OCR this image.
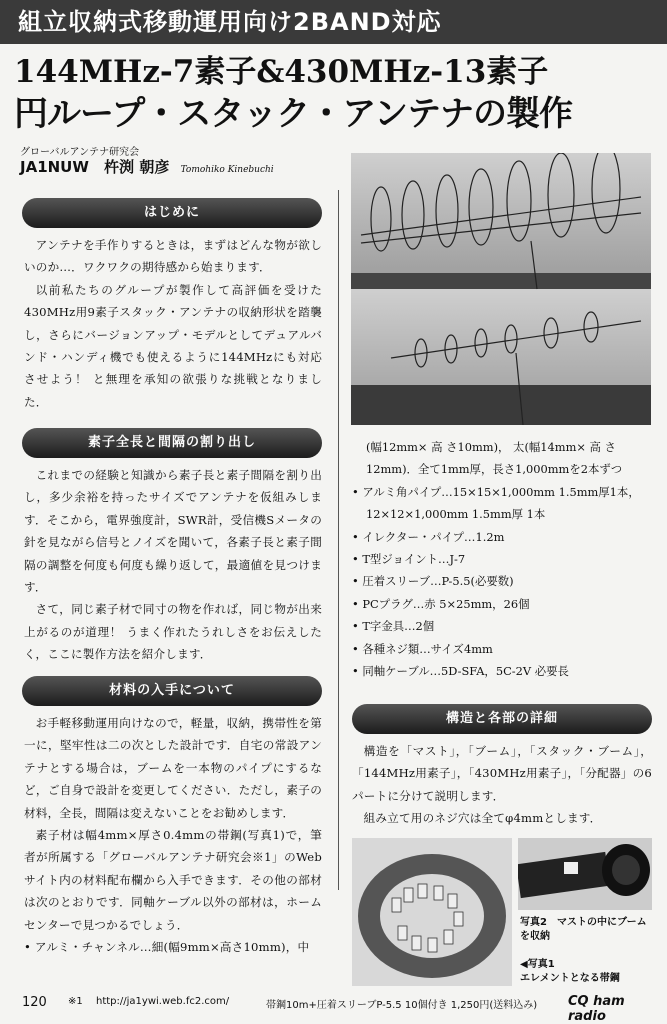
組立収納式移動運用向け2BAND対応
144MHz-7素子&430MHz-13素子
円ループ・スタック・アンテナの製作
グローバルアンテナ研究会
JA1NUW 杵渕 朝彦 Tomohiko Kinebuchi
はじめに

アンテナを手作りするときは，まずはどんな物が欲しいのか…．ワクワクの期待感から始まります．

以前私たちのグループが製作して高評価を受けた430MHz用9素子スタック・アンテナの収納形状を踏襲し，さらにバージョンアップ・モデルとしてデュアルバンド・ハンディ機でも使えるように144MHzにも対応させよう！ と無理を承知の欲張りな挑戦となりました．

素子全長と間隔の割り出し

これまでの経験と知識から素子長と素子間隔を割り出し，多少余裕を持ったサイズでアンテナを仮組みします．そこから，電界強度計，SWR計，受信機Sメータの針を見ながら信号とノイズを聞いて，各素子長と素子間隔の調整を何度も何度も繰り返して，最適値を見つけます．

さて，同じ素子材で同寸の物を作れば，同じ物が出来上がるのが道理！ うまく作れたうれしさをお伝えしたく，ここに製作方法を紹介します．

材料の入手について

お手軽移動運用向けなので，軽量，収納，携帯性を第一に，堅牢性は二の次とした設計です．自宅の常設アンテナとする場合は，ブームを一本物のパイプにするなど，ご自身で設計を変更してください．ただし，素子の材料，全長，間隔は変えないことをお勧めします．

素子材は幅4mm×厚さ0.4mmの帯鋼(写真1)で，筆者が所属する「グローバルアンテナ研究会※1」のWebサイト内の材料配布欄から入手できます．その他の部材は次のとおりです．同軸ケーブル以外の部材は，ホームセンターで見つかるでしょう．

• アルミ・チャンネル…細(幅9mm×高さ10mm)，中

(幅12mm× 高 さ10mm)， 太(幅14mm× 高 さ
12mm)．全て1mm厚，長さ1,000mmを2本ずつ
• アルミ角パイプ…15×15×1,000mm 1.5mm厚1本，
12×12×1,000mm 1.5mm厚 1本
• イレクター・パイプ…1.2m
• T型ジョイント…J-7
• 圧着スリーブ…P-5.5(必要数)
• PCプラグ…赤 5×25mm，26個
• T字金具…2個
• 各種ネジ類…サイズ4mm
• 同軸ケーブル…5D-SFA，5C-2V 必要長
構造と各部の詳細

構造を「マスト」，「ブーム」，「スタック・ブーム」，「144MHz用素子」，「430MHz用素子」，「分配器」の6パートに分けて説明します．

組み立て用のネジ穴は全てφ4mmとします．

写真2　マストの中にブームを収納
◀写真1
エレメントとなる帯鋼
120 ※1 http://ja1ywi.web.fc2.com/	帯鋼10m+圧着スリーブP-5.5 10個付き 1,250円(送料込み) CQ ham radio
